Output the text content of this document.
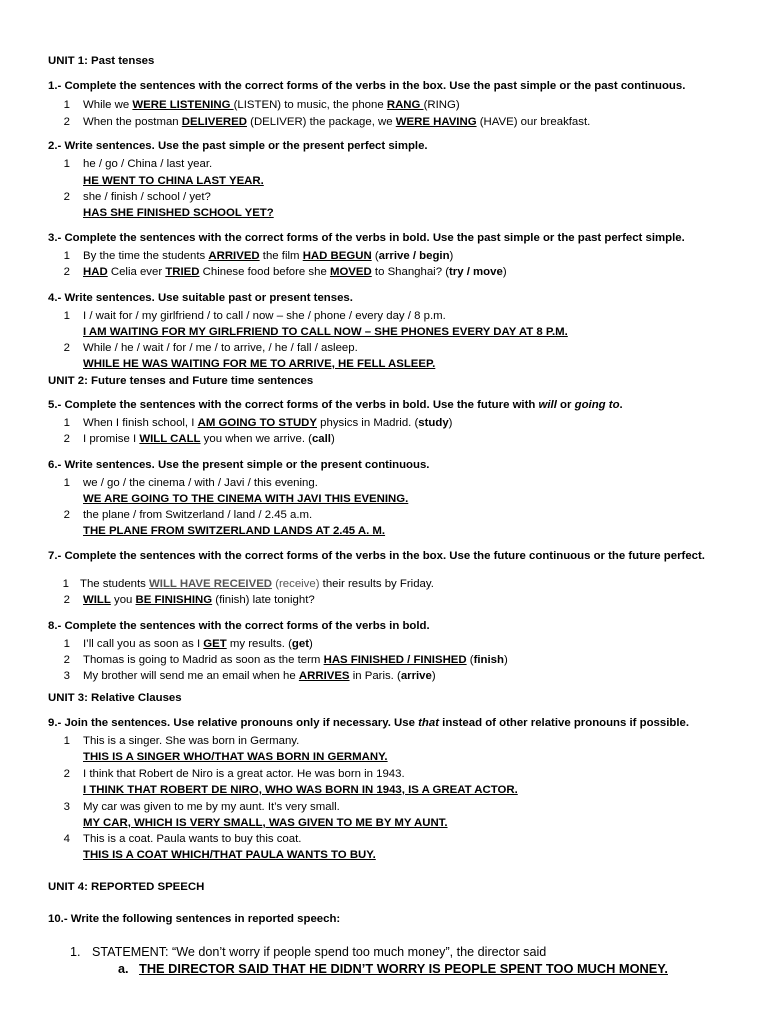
UNIT 1: Past tenses
1.- Complete the sentences with the correct forms of the verbs in the box. Use the past simple or the past continuous.
1 While we WERE LISTENING (LISTEN) to music, the phone RANG (RING)
2 When the postman DELIVERED (DELIVER) the package, we WERE HAVING (HAVE) our breakfast.
2.- Write sentences. Use the past simple or the present perfect simple.
1 he / go / China / last year.
HE WENT TO CHINA LAST YEAR.
2 she / finish / school / yet?
HAS SHE FINISHED SCHOOL YET?
3.- Complete the sentences with the correct forms of the verbs in bold. Use the past simple or the past perfect simple.
1 By the time the students ARRIVED the film HAD BEGUN (arrive / begin)
2 HAD Celia ever TRIED Chinese food before she MOVED to Shanghai? (try / move)
4.- Write sentences. Use suitable past or present tenses.
1 I / wait for / my girlfriend / to call / now – she / phone / every day / 8 p.m.
I AM WAITING FOR MY GIRLFRIEND TO CALL NOW – SHE PHONES EVERY DAY AT 8 P.M.
2 While / he / wait / for / me / to arrive, / he / fall / asleep.
WHILE HE WAS WAITING FOR ME TO ARRIVE, HE FELL ASLEEP.
UNIT 2: Future tenses and Future time sentences
5.- Complete the sentences with the correct forms of the verbs in bold. Use the future with will or going to.
1 When I finish school, I AM GOING TO STUDY physics in Madrid. (study)
2 I promise I WILL CALL you when we arrive. (call)
6.- Write sentences. Use the present simple or the present continuous.
1 we / go / the cinema / with / Javi / this evening.
WE ARE GOING TO THE CINEMA WITH JAVI THIS EVENING.
2 the plane / from Switzerland / land / 2.45 a.m.
THE PLANE FROM SWITZERLAND LANDS AT 2.45 A. M.
7.- Complete the sentences with the correct forms of the verbs in the box. Use the future continuous or the future perfect.
1 The students WILL HAVE RECEIVED (receive) their results by Friday.
2 WILL you BE FINISHING (finish) late tonight?
8.- Complete the sentences with the correct forms of the verbs in bold.
1 I’ll call you as soon as I GET my results. (get)
2 Thomas is going to Madrid as soon as the term HAS FINISHED / FINISHED (finish)
3 My brother will send me an email when he ARRIVES in Paris. (arrive)
UNIT 3: Relative Clauses
9.- Join the sentences. Use relative pronouns only if necessary. Use that instead of other relative pronouns if possible.
1 This is a singer. She was born in Germany.
THIS IS A SINGER WHO/THAT WAS BORN IN GERMANY.
2 I think that Robert de Niro is a great actor. He was born in 1943.
I THINK THAT ROBERT DE NIRO, WHO WAS BORN IN 1943, IS A GREAT ACTOR.
3 My car was given to me by my aunt. It’s very small.
MY CAR, WHICH IS VERY SMALL, WAS GIVEN TO ME BY MY AUNT.
4 This is a coat. Paula wants to buy this coat.
THIS IS A COAT WHICH/THAT PAULA WANTS TO BUY.
UNIT 4: REPORTED SPEECH
10.- Write the following sentences in reported speech:
1. STATEMENT: “We don’t worry if people spend too much money”, the director said
a. THE DIRECTOR SAID THAT HE DIDN’T WORRY IS PEOPLE SPENT TOO MUCH MONEY.
